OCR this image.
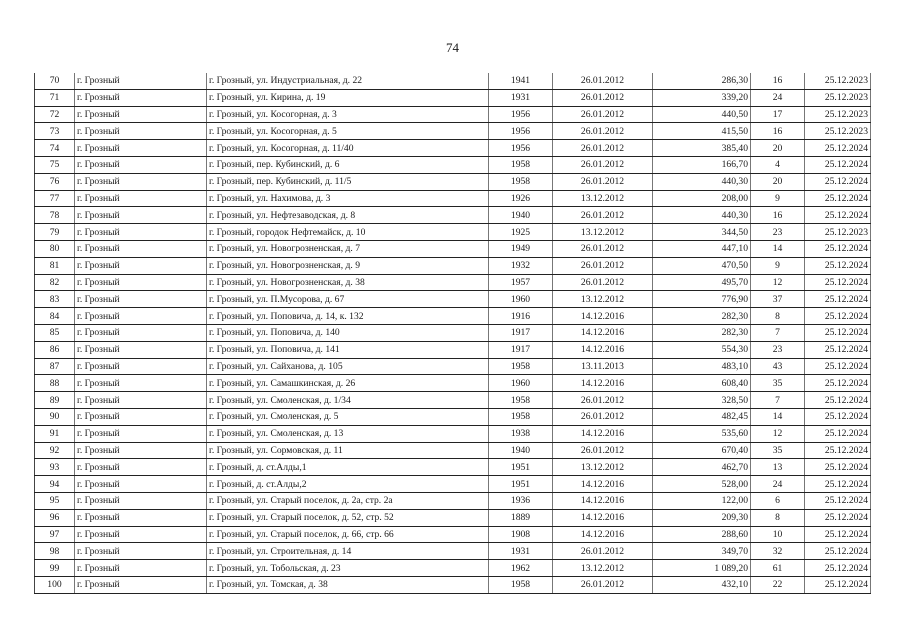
74
70	г. Грозный	г. Грозный, ул. Индустриальная, д. 22	1941	26.01.2012	286,30	16	25.12.2023
71	г. Грозный	г. Грозный, ул. Кирина, д. 19	1931	26.01.2012	339,20	24	25.12.2023
72	г. Грозный	г. Грозный, ул. Косогорная, д. 3	1956	26.01.2012	440,50	17	25.12.2023
73	г. Грозный	г. Грозный, ул. Косогорная, д. 5	1956	26.01.2012	415,50	16	25.12.2023
74	г. Грозный	г. Грозный, ул. Косогорная, д. 11/40	1956	26.01.2012	385,40	20	25.12.2024
75	г. Грозный	г. Грозный, пер. Кубинский, д. 6	1958	26.01.2012	166,70	4	25.12.2024
76	г. Грозный	г. Грозный, пер. Кубинский, д. 11/5	1958	26.01.2012	440,30	20	25.12.2024
77	г. Грозный	г. Грозный, ул. Нахимова, д. 3	1926	13.12.2012	208,00	9	25.12.2024
78	г. Грозный	г. Грозный, ул. Нефтезаводская, д. 8	1940	26.01.2012	440,30	16	25.12.2024
79	г. Грозный	г. Грозный, городок Нефтемайск, д. 10	1925	13.12.2012	344,50	23	25.12.2023
80	г. Грозный	г. Грозный, ул. Новогрозненская, д. 7	1949	26.01.2012	447,10	14	25.12.2024
81	г. Грозный	г. Грозный, ул. Новогрозненская, д. 9	1932	26.01.2012	470,50	9	25.12.2024
82	г. Грозный	г. Грозный, ул. Новогрозненская, д. 38	1957	26.01.2012	495,70	12	25.12.2024
83	г. Грозный	г. Грозный, ул. П.Мусорова, д. 67	1960	13.12.2012	776,90	37	25.12.2024
84	г. Грозный	г. Грозный, ул. Поповича, д. 14, к. 132	1916	14.12.2016	282,30	8	25.12.2024
85	г. Грозный	г. Грозный, ул. Поповича, д. 140	1917	14.12.2016	282,30	7	25.12.2024
86	г. Грозный	г. Грозный, ул. Поповича, д. 141	1917	14.12.2016	554,30	23	25.12.2024
87	г. Грозный	г. Грозный, ул. Сайханова, д. 105	1958	13.11.2013	483,10	43	25.12.2024
88	г. Грозный	г. Грозный, ул. Самашкинская, д. 26	1960	14.12.2016	608,40	35	25.12.2024
89	г. Грозный	г. Грозный, ул. Смоленская, д. 1/34	1958	26.01.2012	328,50	7	25.12.2024
90	г. Грозный	г. Грозный, ул. Смоленская, д. 5	1958	26.01.2012	482,45	14	25.12.2024
91	г. Грозный	г. Грозный, ул. Смоленская, д. 13	1938	14.12.2016	535,60	12	25.12.2024
92	г. Грозный	г. Грозный, ул. Сормовская, д. 11	1940	26.01.2012	670,40	35	25.12.2024
93	г. Грозный	г. Грозный, д. ст.Алды,1	1951	13.12.2012	462,70	13	25.12.2024
94	г. Грозный	г. Грозный, д. ст.Алды,2	1951	14.12.2016	528,00	24	25.12.2024
95	г. Грозный	г. Грозный, ул. Старый поселок, д. 2а, стр. 2а	1936	14.12.2016	122,00	6	25.12.2024
96	г. Грозный	г. Грозный, ул. Старый поселок, д. 52, стр. 52	1889	14.12.2016	209,30	8	25.12.2024
97	г. Грозный	г. Грозный, ул. Старый поселок, д. 66, стр. 66	1908	14.12.2016	288,60	10	25.12.2024
98	г. Грозный	г. Грозный, ул. Строительная, д. 14	1931	26.01.2012	349,70	32	25.12.2024
99	г. Грозный	г. Грозный, ул. Тобольская, д. 23	1962	13.12.2012	1 089,20	61	25.12.2024
100	г. Грозный	г. Грозный, ул. Томская, д. 38	1958	26.01.2012	432,10	22	25.12.2024
